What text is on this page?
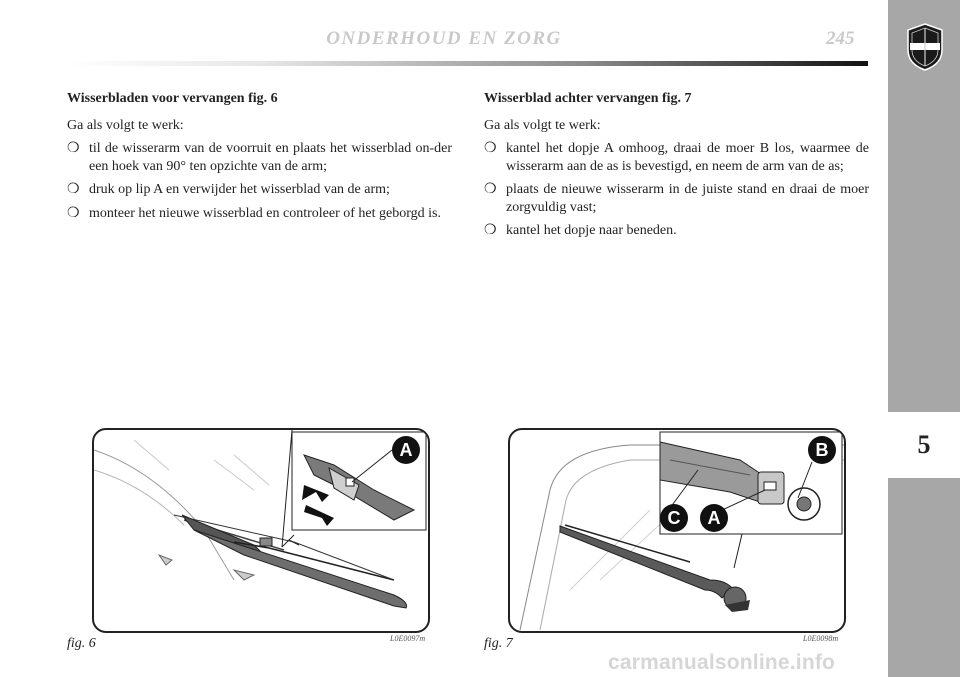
ONDERHOUD EN ZORG	245
5
Wisserbladen voor vervangen fig. 6

Ga als volgt te werk:

❍ til de wisserarm van de voorruit en plaats het wisserblad on-der een hoek van 90° ten opzichte van de arm;
❍ druk op lip A en verwijder het wisserblad van de arm;
❍ monteer het nieuwe wisserblad en controleer of het geborgd is.
Wisserblad achter vervangen fig. 7

Ga als volgt te werk:

❍ kantel het dopje A omhoog, draai de moer B los, waarmee de wisserarm aan de as is bevestigd, en neem de arm van de as;
❍ plaats de nieuwe wisserarm in de juiste stand en draai de moer zorgvuldig vast;
❍ kantel het dopje naar beneden.
A
fig. 6	L0E0097m
B
C A
fig. 7	L0E0098m
carmanualsonline.info
